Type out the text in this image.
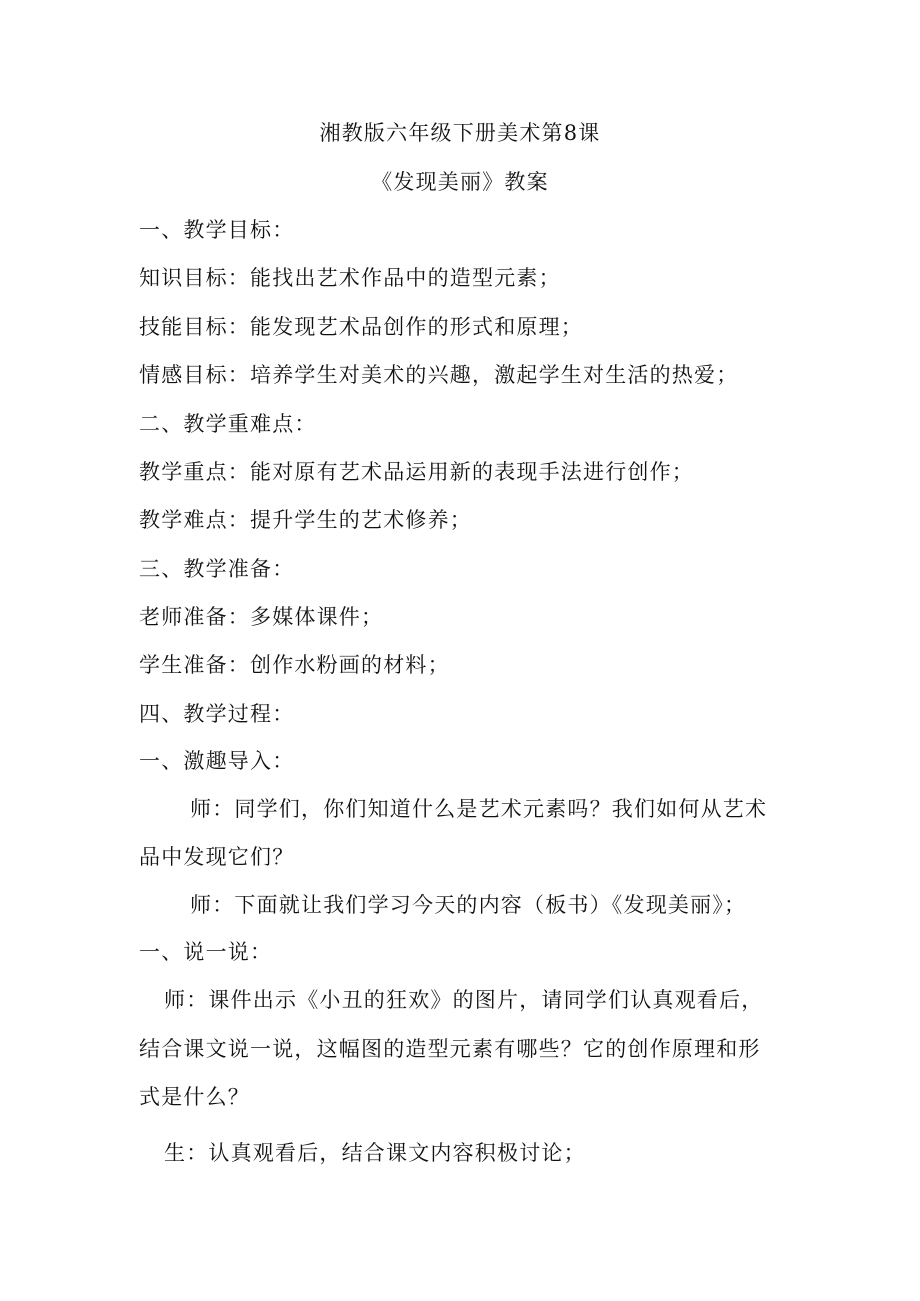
湘教版六年级下册美术第8课
《发现美丽》教案
一、教学目标：
知识目标：能找出艺术作品中的造型元素；
技能目标：能发现艺术品创作的形式和原理；
情感目标：培养学生对美术的兴趣，激起学生对生活的热爱；
二、教学重难点：
教学重点：能对原有艺术品运用新的表现手法进行创作；
教学难点：提升学生的艺术修养；
三、教学准备：
老师准备：多媒体课件；
学生准备：创作水粉画的材料；
四、教学过程：
一、激趣导入：
师：同学们，你们知道什么是艺术元素吗？我们如何从艺术
品中发现它们？
师：下面就让我们学习今天的内容（板书）《发现美丽》；
一、说一说：
师：课件出示《小丑的狂欢》的图片，请同学们认真观看后，
结合课文说一说，这幅图的造型元素有哪些？它的创作原理和形
式是什么？
生：认真观看后，结合课文内容积极讨论；
